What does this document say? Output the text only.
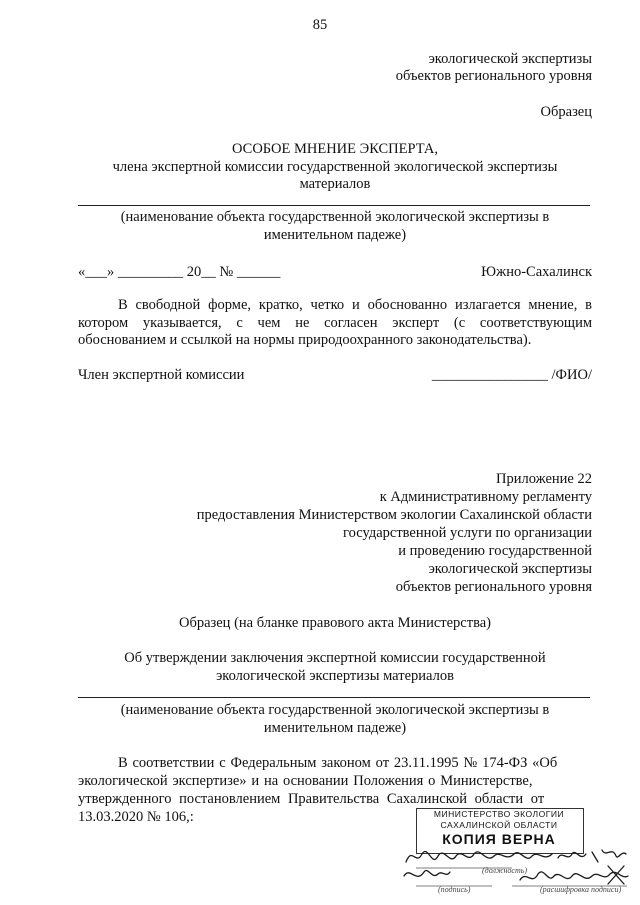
85
экологической экспертизы
объектов регионального уровня
Образец
ОСОБОЕ МНЕНИЕ ЭКСПЕРТА,
члена экспертной комиссии государственной экологической экспертизы
материалов
(наименование объекта государственной экологической экспертизы в
именительном падеже)
«___» _________ 20__ № ______	Южно-Сахалинск
В свободной форме, кратко, четко и обоснованно излагается мнение, в котором указывается, с чем не согласен эксперт (с соответствующим обоснованием и ссылкой на нормы природоохранного законодательства).
Член экспертной комиссии	________________ /ФИО/
Приложение 22
к Административному регламенту
предоставления Министерством экологии Сахалинской области
государственной услуги по организации
и проведению государственной
экологической экспертизы
объектов регионального уровня
Образец (на бланке правового акта Министерства)
Об утверждении заключения экспертной комиссии государственной
экологической экспертизы материалов
(наименование объекта государственной экологической экспертизы в
именительном падеже)
В соответствии с Федеральным законом от 23.11.1995 № 174-ФЗ «Об
экологической экспертизе» и на основании Положения о Министерстве,
утвержденного постановлением Правительства Сахалинской области от
13.03.2020 № 106,:	МИНИСТЕРСТВО ЭКОЛОГИИ
САХАЛИНСКОЙ ОБЛАСТИ
КОПИЯ ВЕРНА
(должность)
(подпись)	(расшифровка подписи)
